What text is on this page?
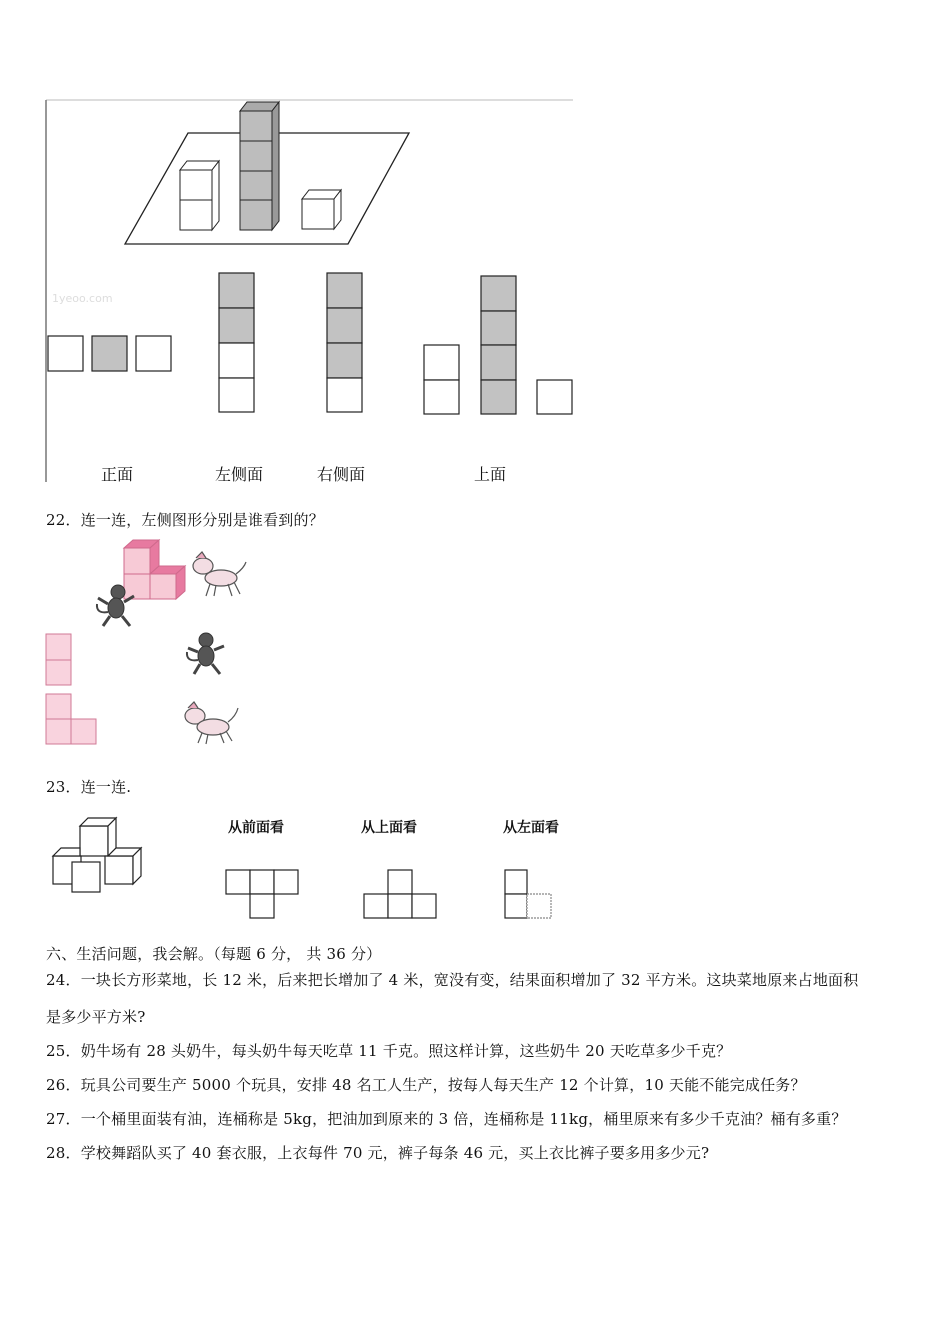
1yeoo.com
正面	左侧面	右侧面	上面
22．连一连，左侧图形分别是谁看到的？
23．连一连.
从前面看	从上面看	从左面看
六、生活问题，我会解。（每题 6 分， 共 36 分）
24．一块长方形菜地，长 12 米，后来把长增加了 4 米，宽没有变，结果面积增加了 32 平方米。这块菜地原来占地面积
是多少平方米?
25．奶牛场有 28 头奶牛，每头奶牛每天吃草 11 千克。照这样计算，这些奶牛 20 天吃草多少千克？
26．玩具公司要生产 5000 个玩具，安排 48 名工人生产，按每人每天生产 12 个计算，10 天能不能完成任务？
27．一个桶里面装有油，连桶称是 5kg，把油加到原来的 3 倍，连桶称是 11kg，桶里原来有多少千克油？桶有多重？
28．学校舞蹈队买了 40 套衣服，上衣每件 70 元，裤子每条 46 元，买上衣比裤子要多用多少元?
